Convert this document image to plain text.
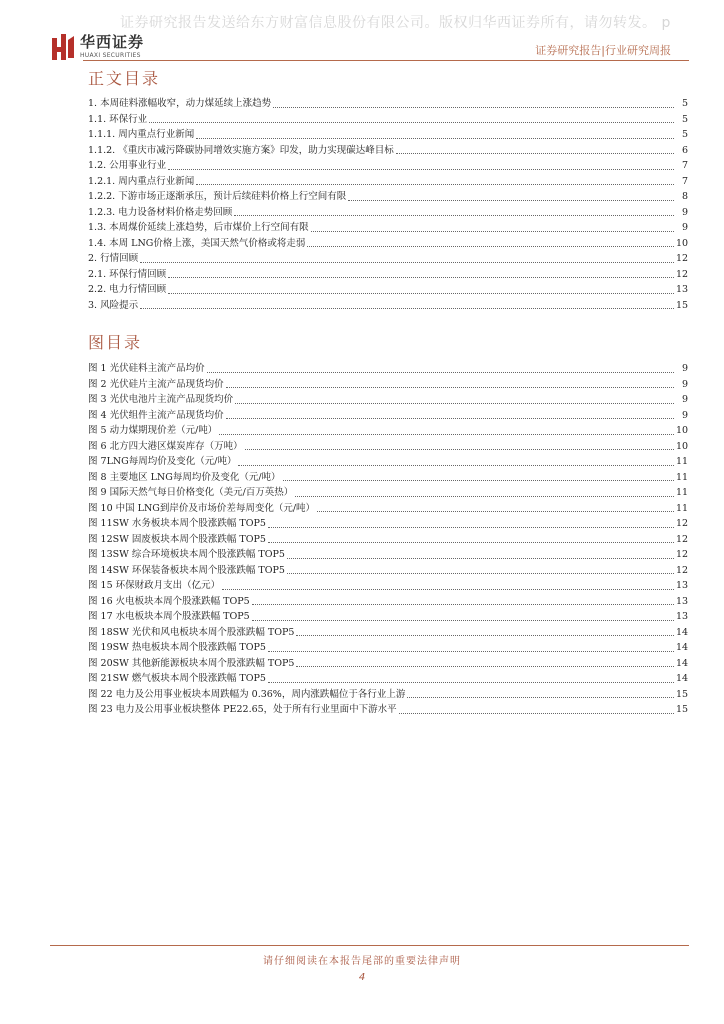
证券研究报告发送给东方财富信息股份有限公司。版权归华西证券所有，请勿转发。 p
华西证券
HUAXI SECURITIES	证券研究报告|行业研究周报
正文目录
1. 本周硅料涨幅收窄，动力煤延续上涨趋势	5
1.1. 环保行业	5
1.1.1. 周内重点行业新闻	5
1.1.2. 《重庆市减污降碳协同增效实施方案》印发，助力实现碳达峰目标	6
1.2. 公用事业行业	7
1.2.1. 周内重点行业新闻	7
1.2.2. 下游市场正逐渐承压，预计后续硅料价格上行空间有限	8
1.2.3. 电力设备材料价格走势回顾	9
1.3. 本周煤价延续上涨趋势，后市煤价上行空间有限	9
1.4. 本周 LNG价格上涨，美国天然气价格或将走弱	10
2. 行情回顾	12
2.1. 环保行情回顾	12
2.2. 电力行情回顾	13
3. 风险提示	15
图目录
图 1 光伏硅料主流产品均价	9
图 2 光伏硅片主流产品现货均价	9
图 3 光伏电池片主流产品现货均价	9
图 4 光伏组件主流产品现货均价	9
图 5 动力煤期现价差（元/吨）	10
图 6 北方四大港区煤炭库存（万吨）	10
图 7LNG每周均价及变化（元/吨）	11
图 8 主要地区 LNG每周均价及变化（元/吨）	11
图 9 国际天然气每日价格变化（美元/百万英热）	11
图 10 中国 LNG到岸价及市场价差每周变化（元/吨）	11
图 11SW 水务板块本周个股涨跌幅 TOP5	12
图 12SW 固废板块本周个股涨跌幅 TOP5	12
图 13SW 综合环境板块本周个股涨跌幅 TOP5	12
图 14SW 环保装备板块本周个股涨跌幅 TOP5	12
图 15 环保财政月支出（亿元）	13
图 16 火电板块本周个股涨跌幅 TOP5	13
图 17 水电板块本周个股涨跌幅 TOP5	13
图 18SW 光伏和风电板块本周个股涨跌幅 TOP5	14
图 19SW 热电板块本周个股涨跌幅 TOP5	14
图 20SW 其他新能源板块本周个股涨跌幅 TOP5	14
图 21SW 燃气板块本周个股涨跌幅 TOP5	14
图 22 电力及公用事业板块本周跌幅为 0.36%，周内涨跌幅位于各行业上游	15
图 23 电力及公用事业板块整体 PE22.65，处于所有行业里面中下游水平	15
请仔细阅读在本报告尾部的重要法律声明
4
